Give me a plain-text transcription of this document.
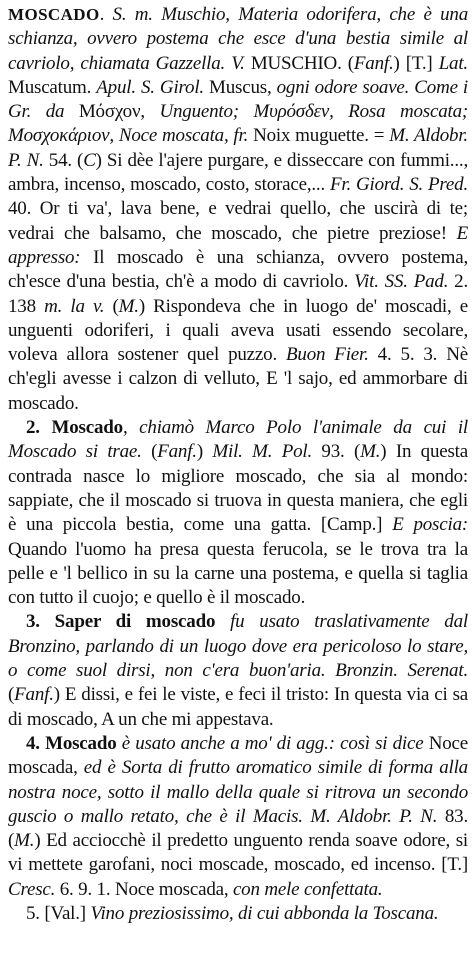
MOSCADO. S. m. Muschio, Materia odorifera, che è una schianza, ovvero postema che esce d'una bestia simile al cavriolo, chiamata Gazzella. V. MUSCHIO. (Fanf.) [T.] Lat. Muscatum. Apul. S. Girol. Muscus, ogni odore soave. Come i Gr. da Μόσχον, Unguento; Μυρόσδεν, Rosa moscata; Μοσχοκάριον, Noce moscata, fr. Noix muguette. = M. Aldobr. P. N. 54. (C) Si dèe l'ajere purgare, e disseccare con fummi..., ambra, incenso, moscado, costo, storace,... Fr. Giord. S. Pred. 40. Or ti va', lava bene, e vedrai quello, che uscirà di te; vedrai che balsamo, che moscado, che pietre preziose! E appresso: Il moscado è una schianza, ovvero postema, ch'esce d'una bestia, ch'è a modo di cavriolo. Vit. SS. Pad. 2. 138 m. la v. (M.) Rispondeva che in luogo de' moscadi, e unguenti odoriferi, i quali aveva usati essendo secolare, voleva allora sostener quel puzzo. Buon Fier. 4. 5. 3. Nè ch'egli avesse i calzon di velluto, E 'l sajo, ed ammorbare di moscado.

2. Moscado, chiamò Marco Polo l'animale da cui il Moscado si trae. (Fanf.) Mil. M. Pol. 93. (M.) In questa contrada nasce lo migliore moscado, che sia al mondo: sappiate, che il moscado si truova in questa maniera, che egli è una piccola bestia, come una gatta. [Camp.] E poscia: Quando l'uomo ha presa questa ferucola, se le trova tra la pelle e 'l bellico in su la carne una postema, e quella si taglia con tutto il cuojo; e quello è il moscado.

3. Saper di moscado fu usato traslativamente dal Bronzino, parlando di un luogo dove era pericoloso lo stare, o come suol dirsi, non c'era buon'aria. Bronzin. Serenat. (Fanf.) E dissi, e fei le viste, e feci il tristo: In questa via ci sa di moscado, A un che mi appestava.

4. Moscado è usato anche a mo' di agg.: così si dice Noce moscada, ed è Sorta di frutto aromatico simile di forma alla nostra noce, sotto il mallo della quale si ritrova un secondo guscio o mallo retato, che è il Macis. M. Aldobr. P. N. 83. (M.) Ed acciocchè il predetto unguento renda soave odore, si vi mettete garofani, noci moscade, moscado, ed incenso. [T.] Cresc. 6. 9. 1. Noce moscada, con mele confettata.

5. [Val.] Vino preziosissimo, di cui abbonda la Toscana.
